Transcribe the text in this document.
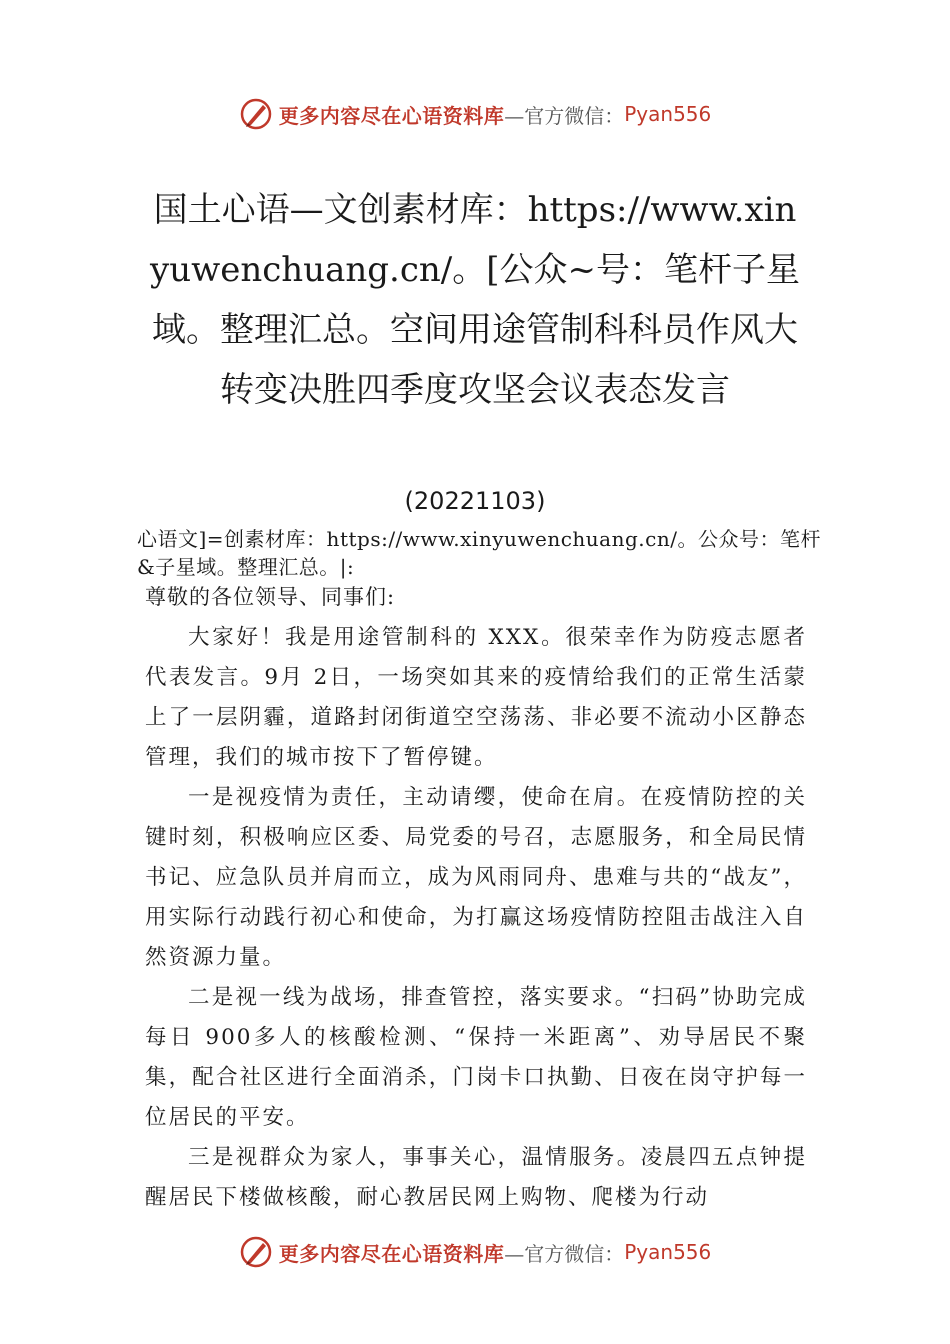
更多内容尽在心语资料库 —官方微信： Pyan556
国土心语—文创素材库：https://www.xinyuwenchuang.cn/。[公众~号：笔杆子星域。整理汇总。空间用途管制科科员作风大转变决胜四季度攻坚会议表态发言
(20221103)

心语文]=创素材库：https://www.xinyuwenchuang.cn/。公众号：笔杆&子星域。整理汇总。|:

尊敬的各位领导、同事们:

大家好！我是用途管制科的 XXX。很荣幸作为防疫志愿者代表发言。9月 2日，一场突如其来的疫情给我们的正常生活蒙上了一层阴霾，道路封闭街道空空荡荡、非必要不流动小区静态管理，我们的城市按下了暂停键。

一是视疫情为责任，主动请缨，使命在肩。在疫情防控的关键时刻，积极响应区委、局党委的号召，志愿服务，和全局民情书记、应急队员并肩而立，成为风雨同舟、患难与共的“战友”，用实际行动践行初心和使命，为打赢这场疫情防控阻击战注入自然资源力量。

二是视一线为战场，排查管控，落实要求。“扫码”协助完成每日 900多人的核酸检测、“保持一米距离”、劝导居民不聚集，配合社区进行全面消杀，门岗卡口执勤、日夜在岗守护每一位居民的平安。

三是视群众为家人，事事关心，温情服务。凌晨四五点钟提醒居民下楼做核酸，耐心教居民网上购物、爬楼为行动

更多内容尽在心语资料库 —官方微信： Pyan556
